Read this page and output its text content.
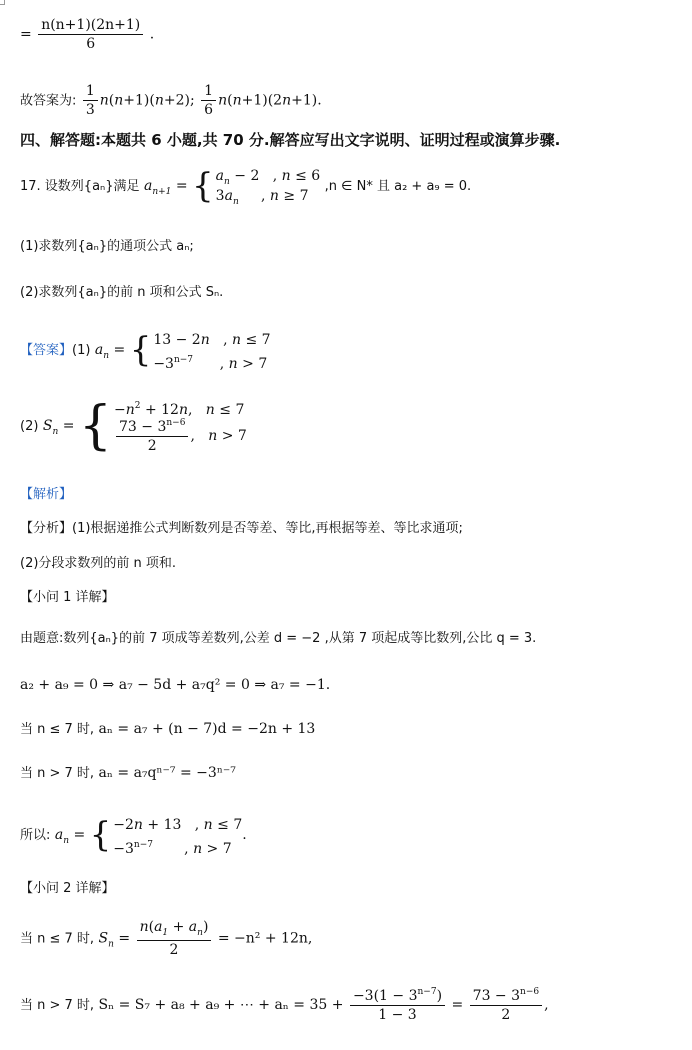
= $\frac{n(n+1)(2n+1)}{6}$ .
故答案为: $\frac{1}{3} n(n+1)(n+2)$; $\frac{1}{6} n(n+1)(2n+1)$.
四、解答题:本题共 6 小题,共 70 分.解答应写出文字说明、证明过程或演算步骤.
17. 设数列{aₙ}满足 $a_{n+1}$ = { $a_n - 2$   , n ≤ 6
$3a_n$     , n ≥ 7
,n ∈ N* 且 a₂ + a₉ = 0.
(1)求数列{aₙ}的通项公式 aₙ;
(2)求数列{aₙ}的前 n 项和公式 Sₙ.
【答案】(1) $a_n$ = { 13 − 2n   , n ≤ 7
$-3^{n-7}$      , n > 7
(2) $S_n$ = { $-n^2 + 12n$,   n ≤ 7
$\frac{73 - 3^{n-6}}{2}$ ,   n > 7
【解析】
【分析】(1)根据递推公式判断数列是否等差、等比,再根据等差、等比求通项;
(2)分段求数列的前 n 项和.
【小问 1 详解】
由题意:数列{aₙ}的前 7 项成等差数列,公差 d = −2 ,从第 7 项起成等比数列,公比 q = 3.
a₂ + a₉ = 0 ⇒ a₇ − 5d + a₇q² = 0 ⇒ a₇ = −1.
当 n ≤ 7 时, aₙ = a₇ + (n − 7)d = −2n + 13
当 n > 7 时, aₙ = a₇qⁿ⁻⁷ = −3ⁿ⁻⁷
所以: $a_n$ = { −2n + 13   , n ≤ 7
$-3^{n-7}$       , n > 7
.
【小问 2 详解】
当 n ≤ 7 时, $S_n = \frac{n(a_1 + a_n)}{2} = -n^2 + 12n$,
当 n > 7 时, Sₙ = S₇ + a₈ + a₉ + ⋯ + $a_n = 35 + \frac{-3(1 - 3^{n-7})}{1 - 3} = \frac{73 - 3^{n-6}}{2}$ ,
